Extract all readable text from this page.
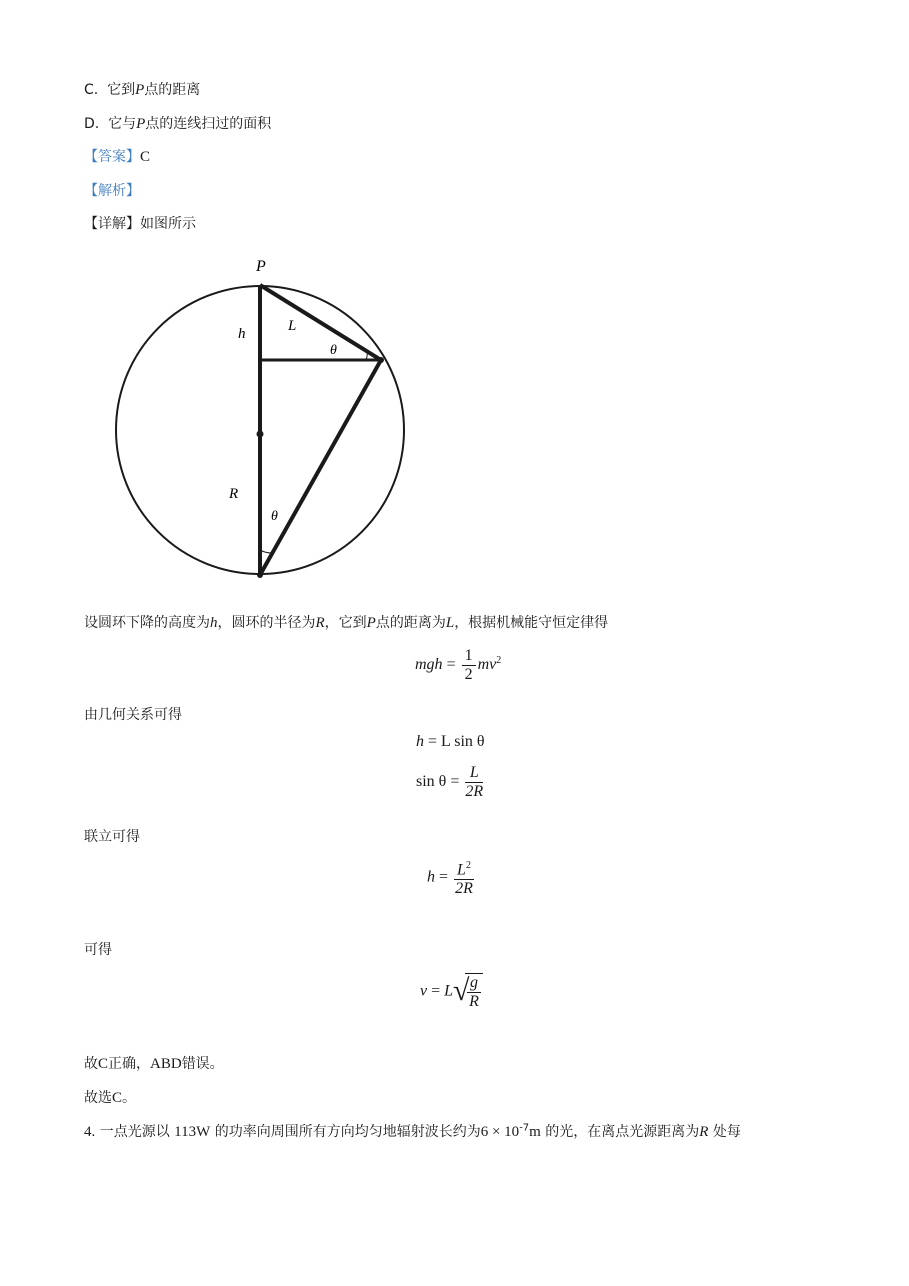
C. 它到P点的距离
D. 它与P点的连线扫过的面积
【答案】C
【解析】
【详解】如图所示
P
h	L
θ
R
θ
设圆环下降的高度为h，圆环的半径为R，它到P点的距离为L，根据机械能守恒定律得
mgh = $\frac{1}{2} mv^2$
由几何关系可得
h = L sin θ
$\sin \theta = \frac{L}{2R}$
联立可得
$h = \frac{L^2}{2R}$
可得
v = L √
$\frac{g}{R}$
故C正确，ABD错误。
故选C。
4. 一点光源以 113W 的功率向周围所有方向均匀地辐射波长约为$6 \times 10^{-7}m$ 的光，在离点光源距离为R 处每
